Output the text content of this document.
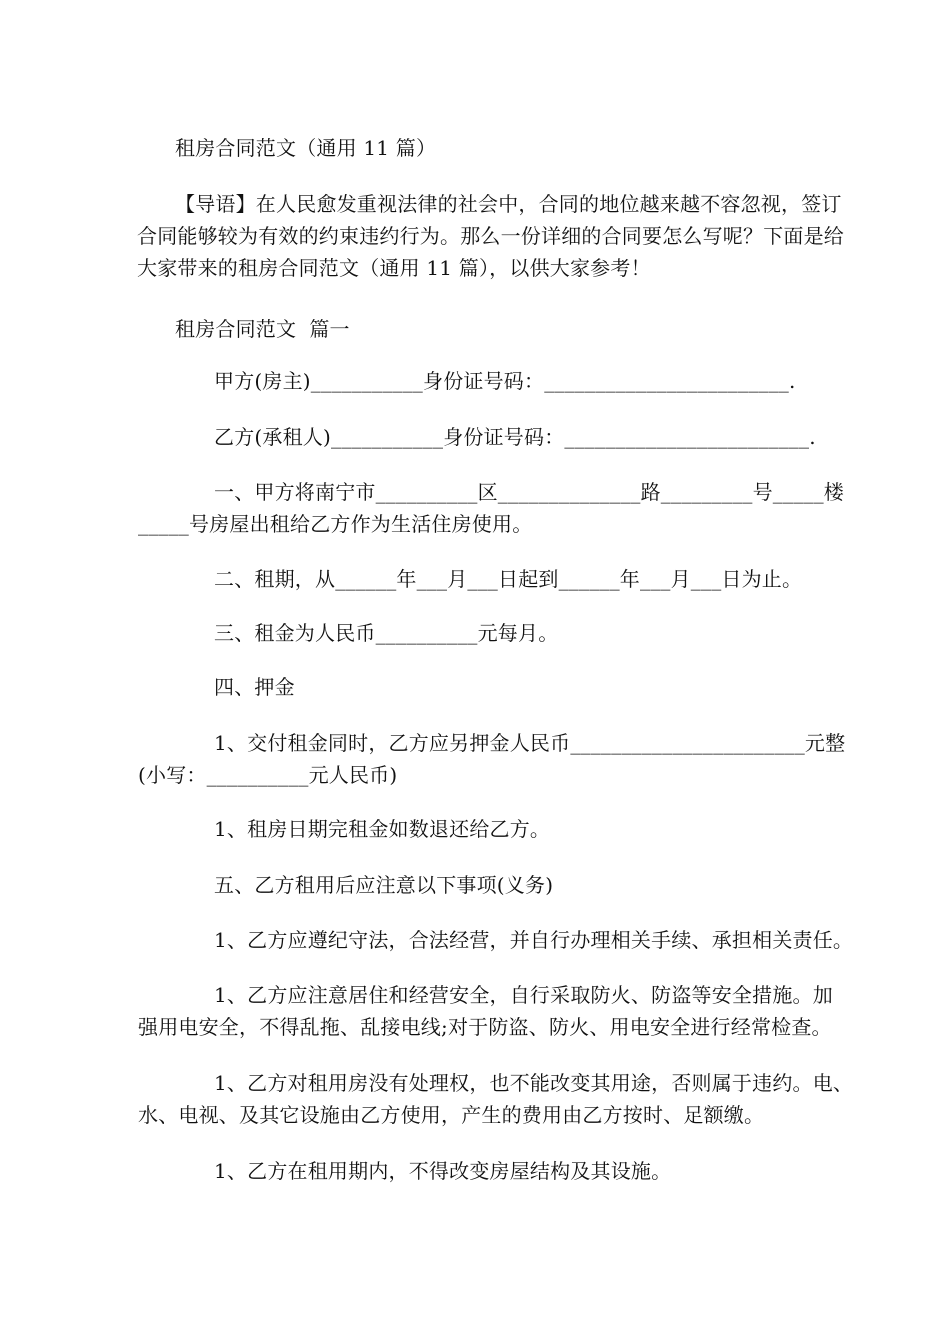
租房合同范文（通用 11 篇）
【导语】在人民愈发重视法律的社会中，合同的地位越来越不容忽视，签订
合同能够较为有效的约束违约行为。那么一份详细的合同要怎么写呢？下面是给
大家带来的租房合同范文（通用 11 篇），以供大家参考！
租房合同范文  篇一
甲方(房主)___________身份证号码：________________________.
乙方(承租人)___________身份证号码：________________________.
一、甲方将南宁市__________区______________路_________号_____楼
_____号房屋出租给乙方作为生活住房使用。
二、租期，从______年___月___日起到______年___月___日为止。
三、租金为人民币__________元每月。
四、押金
1、交付租金同时，乙方应另押金人民币_______________________元整
(小写：__________元人民币)
1、租房日期完租金如数退还给乙方。
五、乙方租用后应注意以下事项(义务)
1、乙方应遵纪守法，合法经营，并自行办理相关手续、承担相关责任。
1、乙方应注意居住和经营安全，自行采取防火、防盗等安全措施。加
强用电安全，不得乱拖、乱接电线;对于防盗、防火、用电安全进行经常检查。
1、乙方对租用房没有处理权，也不能改变其用途，否则属于违约。电、
水、电视、及其它设施由乙方使用，产生的费用由乙方按时、足额缴。
1、乙方在租用期内，不得改变房屋结构及其设施。
